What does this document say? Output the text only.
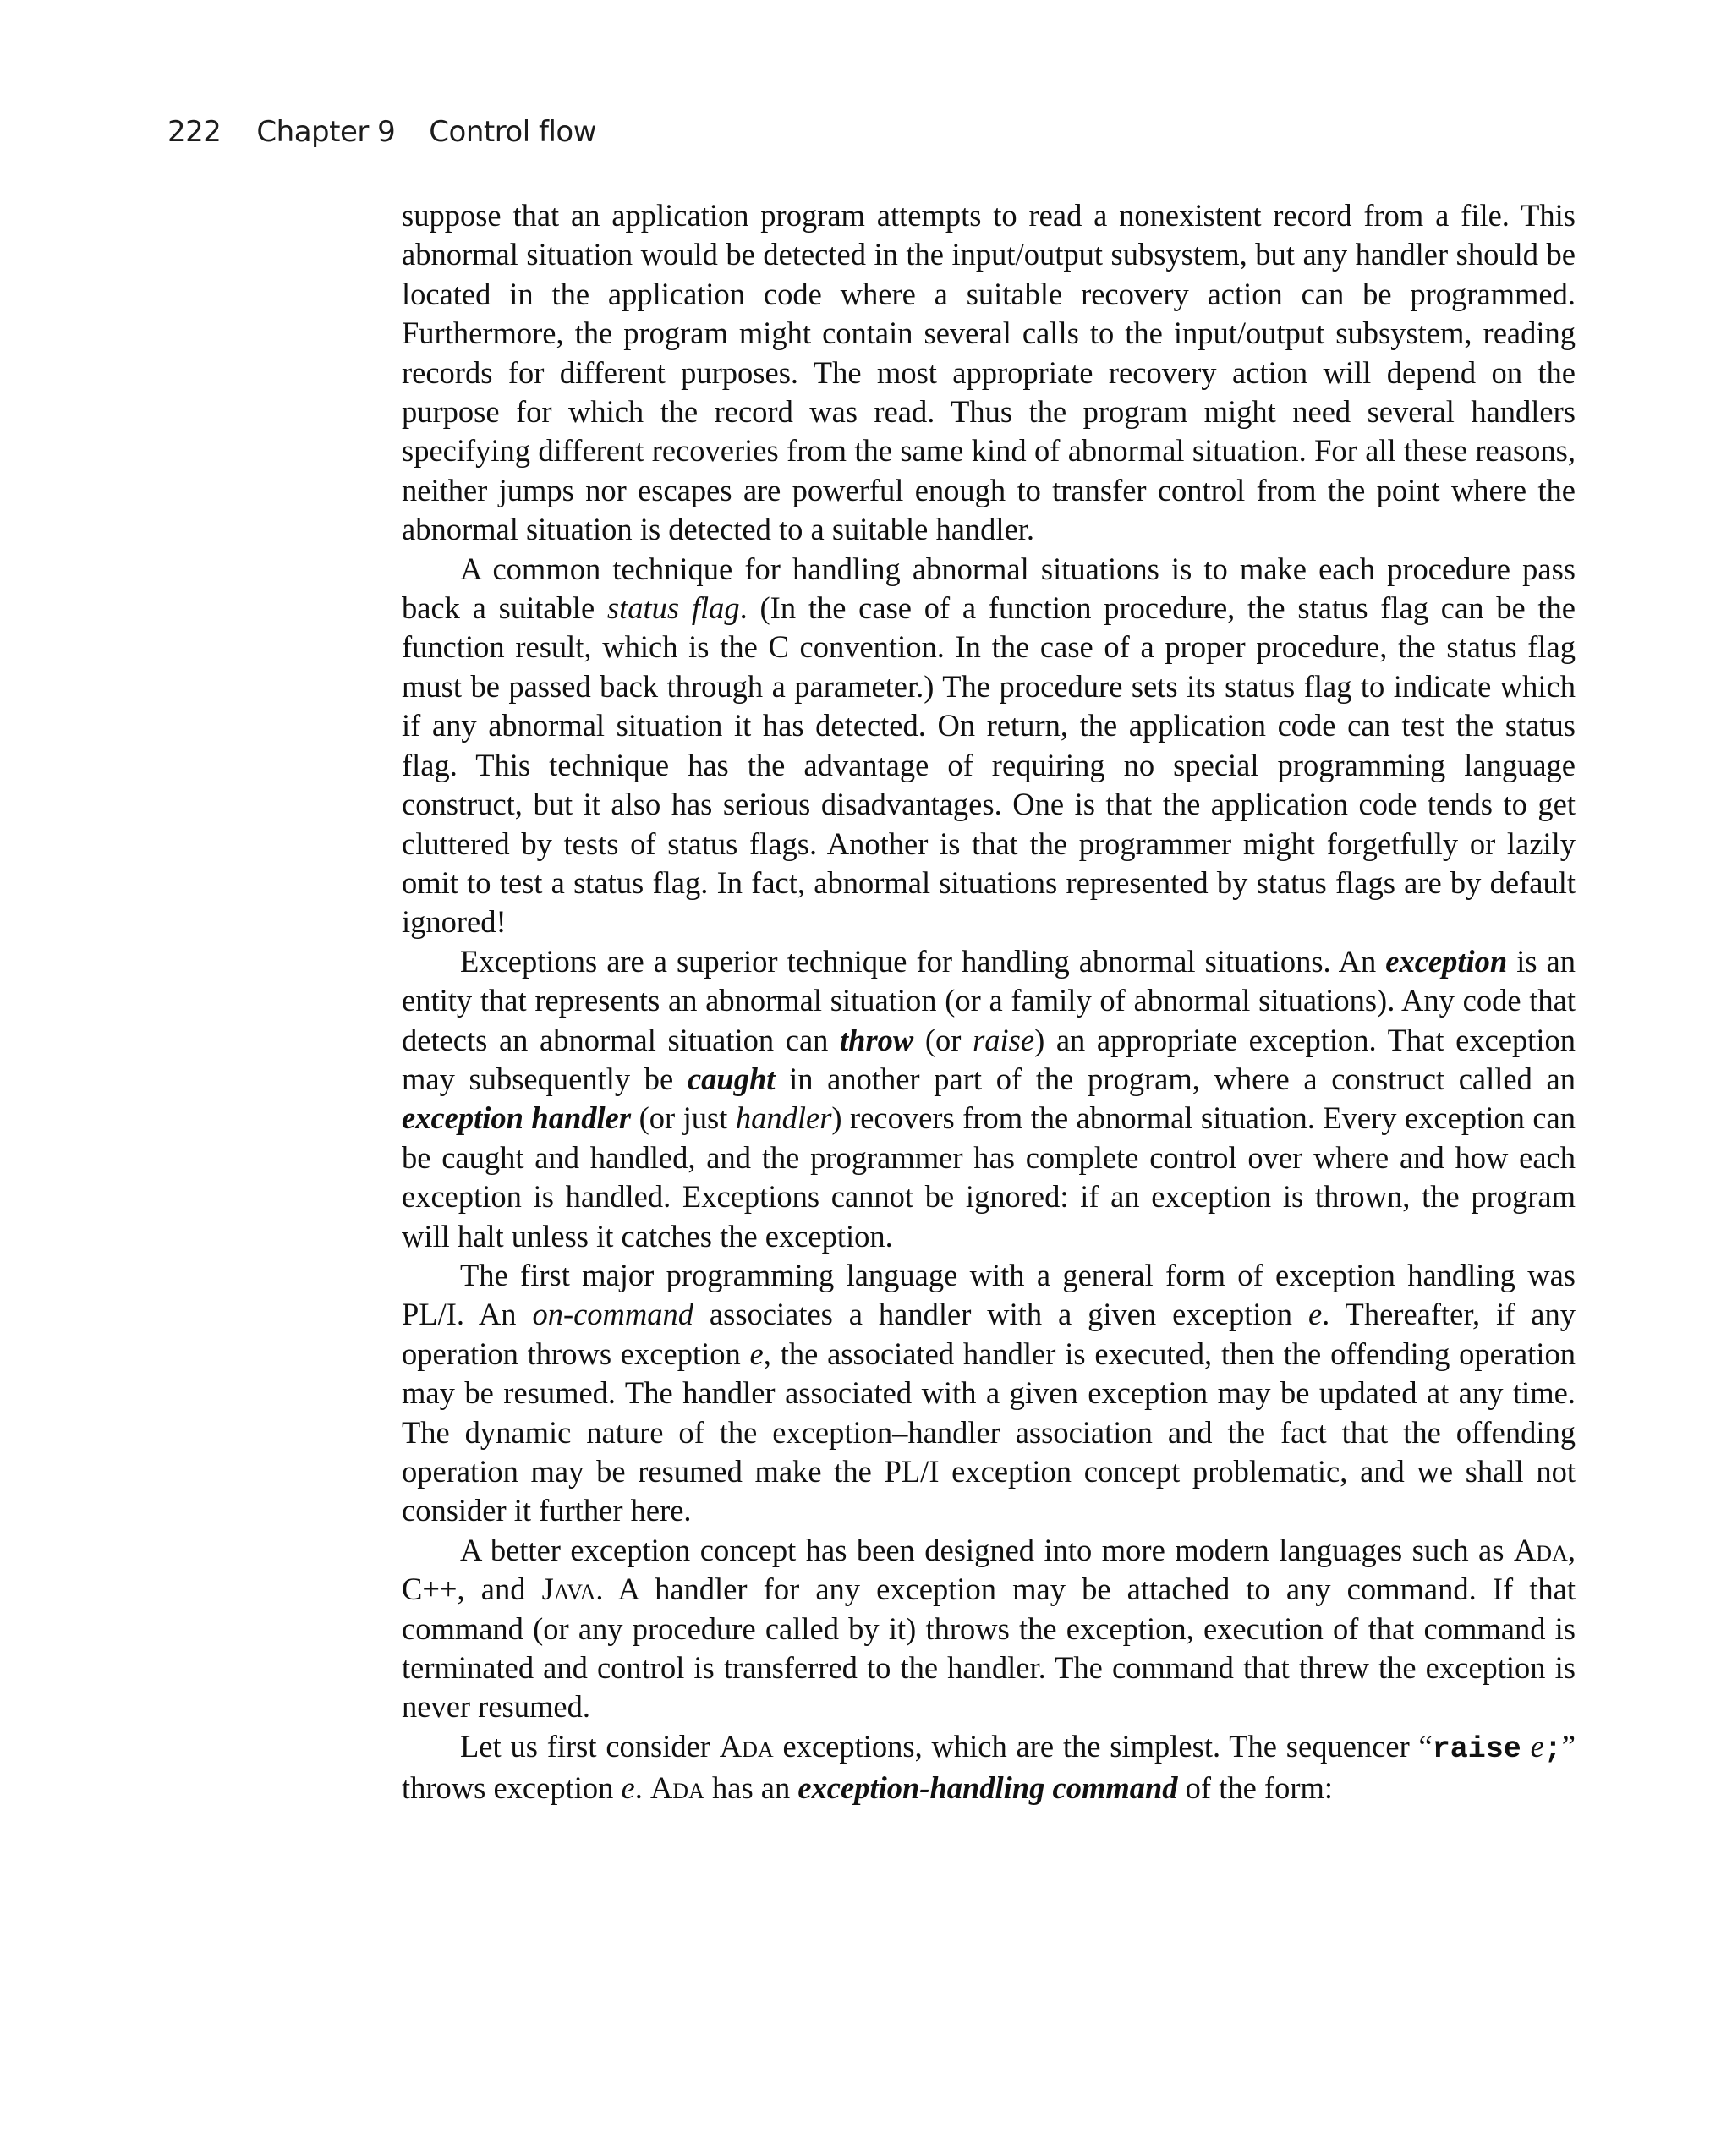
222 Chapter 9 Control flow

suppose that an application program attempts to read a nonexistent record from a file. This abnormal situation would be detected in the input/output subsystem, but any handler should be located in the application code where a suitable recovery action can be programmed. Furthermore, the program might contain several calls to the input/output subsystem, reading records for different purposes. The most appropriate recovery action will depend on the purpose for which the record was read. Thus the program might need several handlers specifying different recoveries from the same kind of abnormal situation. For all these reasons, neither jumps nor escapes are powerful enough to transfer control from the point where the abnormal situation is detected to a suitable handler.

A common technique for handling abnormal situations is to make each procedure pass back a suitable status flag. (In the case of a function procedure, the status flag can be the function result, which is the C convention. In the case of a proper procedure, the status flag must be passed back through a parameter.) The procedure sets its status flag to indicate which if any abnormal situation it has detected. On return, the application code can test the status flag. This technique has the advantage of requiring no special programming language construct, but it also has serious disadvantages. One is that the application code tends to get cluttered by tests of status flags. Another is that the programmer might forgetfully or lazily omit to test a status flag. In fact, abnormal situations represented by status flags are by default ignored!

Exceptions are a superior technique for handling abnormal situations. An exception is an entity that represents an abnormal situation (or a family of abnormal situations). Any code that detects an abnormal situation can throw (or raise) an appropriate exception. That exception may subsequently be caught in another part of the program, where a construct called an exception handler (or just handler) recovers from the abnormal situation. Every exception can be caught and handled, and the programmer has complete control over where and how each exception is handled. Exceptions cannot be ignored: if an exception is thrown, the program will halt unless it catches the exception.

The first major programming language with a general form of exception handling was PL/I. An on-command associates a handler with a given exception e. Thereafter, if any operation throws exception e, the associated handler is executed, then the offending operation may be resumed. The handler associated with a given exception may be updated at any time. The dynamic nature of the exception–handler association and the fact that the offending operation may be resumed make the PL/I exception concept problematic, and we shall not consider it further here.

A better exception concept has been designed into more modern languages such as Ada, C++, and Java. A handler for any exception may be attached to any command. If that command (or any procedure called by it) throws the exception, execution of that command is terminated and control is transferred to the handler. The command that threw the exception is never resumed.

Let us first consider Ada exceptions, which are the simplest. The sequencer “raise e;” throws exception e. Ada has an exception-handling command of the form:
